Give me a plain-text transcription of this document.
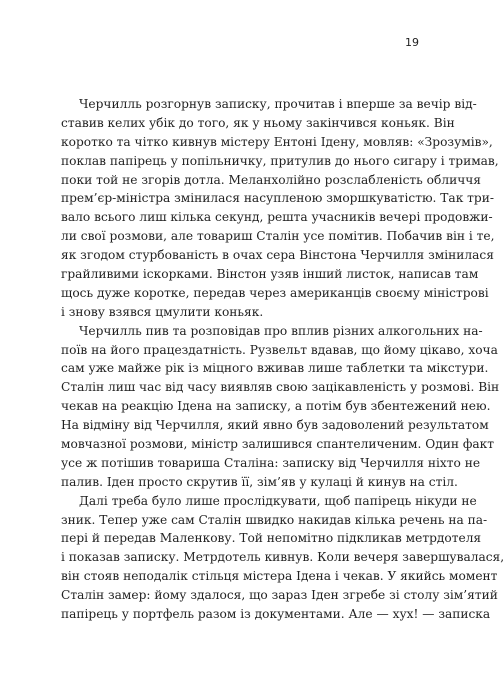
19
Черчилль розгорнув записку, прочитав і вперше за вечір від-
ставив келих убік до того, як у ньому закінчився коньяк. Він
коротко та чітко кивнув містеру Ентоні Ідену, мовляв: «Зрозумів»,
поклав папірець у попільничку, притулив до нього сигару і тримав,
поки той не згорів дотла. Меланхолійно розслабленість обличчя
прем’єр-міністра змінилася насупленою зморшкуватістю. Так три-
вало всього лиш кілька секунд, решта учасників вечері продовжи-
ли свої розмови, але товариш Сталін усе помітив. Побачив він і те,
як згодом стурбованість в очах сера Вінстона Черчилля змінилася
грайливими іскорками. Вінстон узяв інший листок, написав там
щось дуже коротке, передав через американців своєму міністрові
і знову взявся цмулити коньяк.
Черчилль пив та розповідав про вплив різних алкогольних на-
поїв на його працездатність. Рузвельт вдавав, що йому цікаво, хоча
сам уже майже рік із міцного вживав лише таблетки та мікстури.
Сталін лиш час від часу виявляв свою зацікавленість у розмові. Він
чекав на реакцію Ідена на записку, а потім був збентежений нею.
На відміну від Черчилля, який явно був задоволений результатом
мовчазної розмови, міністр залишився спантеличеним. Один факт
усе ж потішив товариша Сталіна: записку від Черчилля ніхто не
палив. Іден просто скрутив її, зім’яв у кулаці й кинув на стіл.
Далі треба було лише прослідкувати, щоб папірець нікуди не
зник. Тепер уже сам Сталін швидко накидав кілька речень на па-
пері й передав Маленкову. Той непомітно підкликав метрдотеля
і показав записку. Метрдотель кивнув. Коли вечеря завершувалася,
він стояв неподалік стільця містера Ідена і чекав. У якийсь момент
Сталін замер: йому здалося, що зараз Іден згребе зі столу зім’ятий
папірець у портфель разом із документами. Але — хух! — записка
